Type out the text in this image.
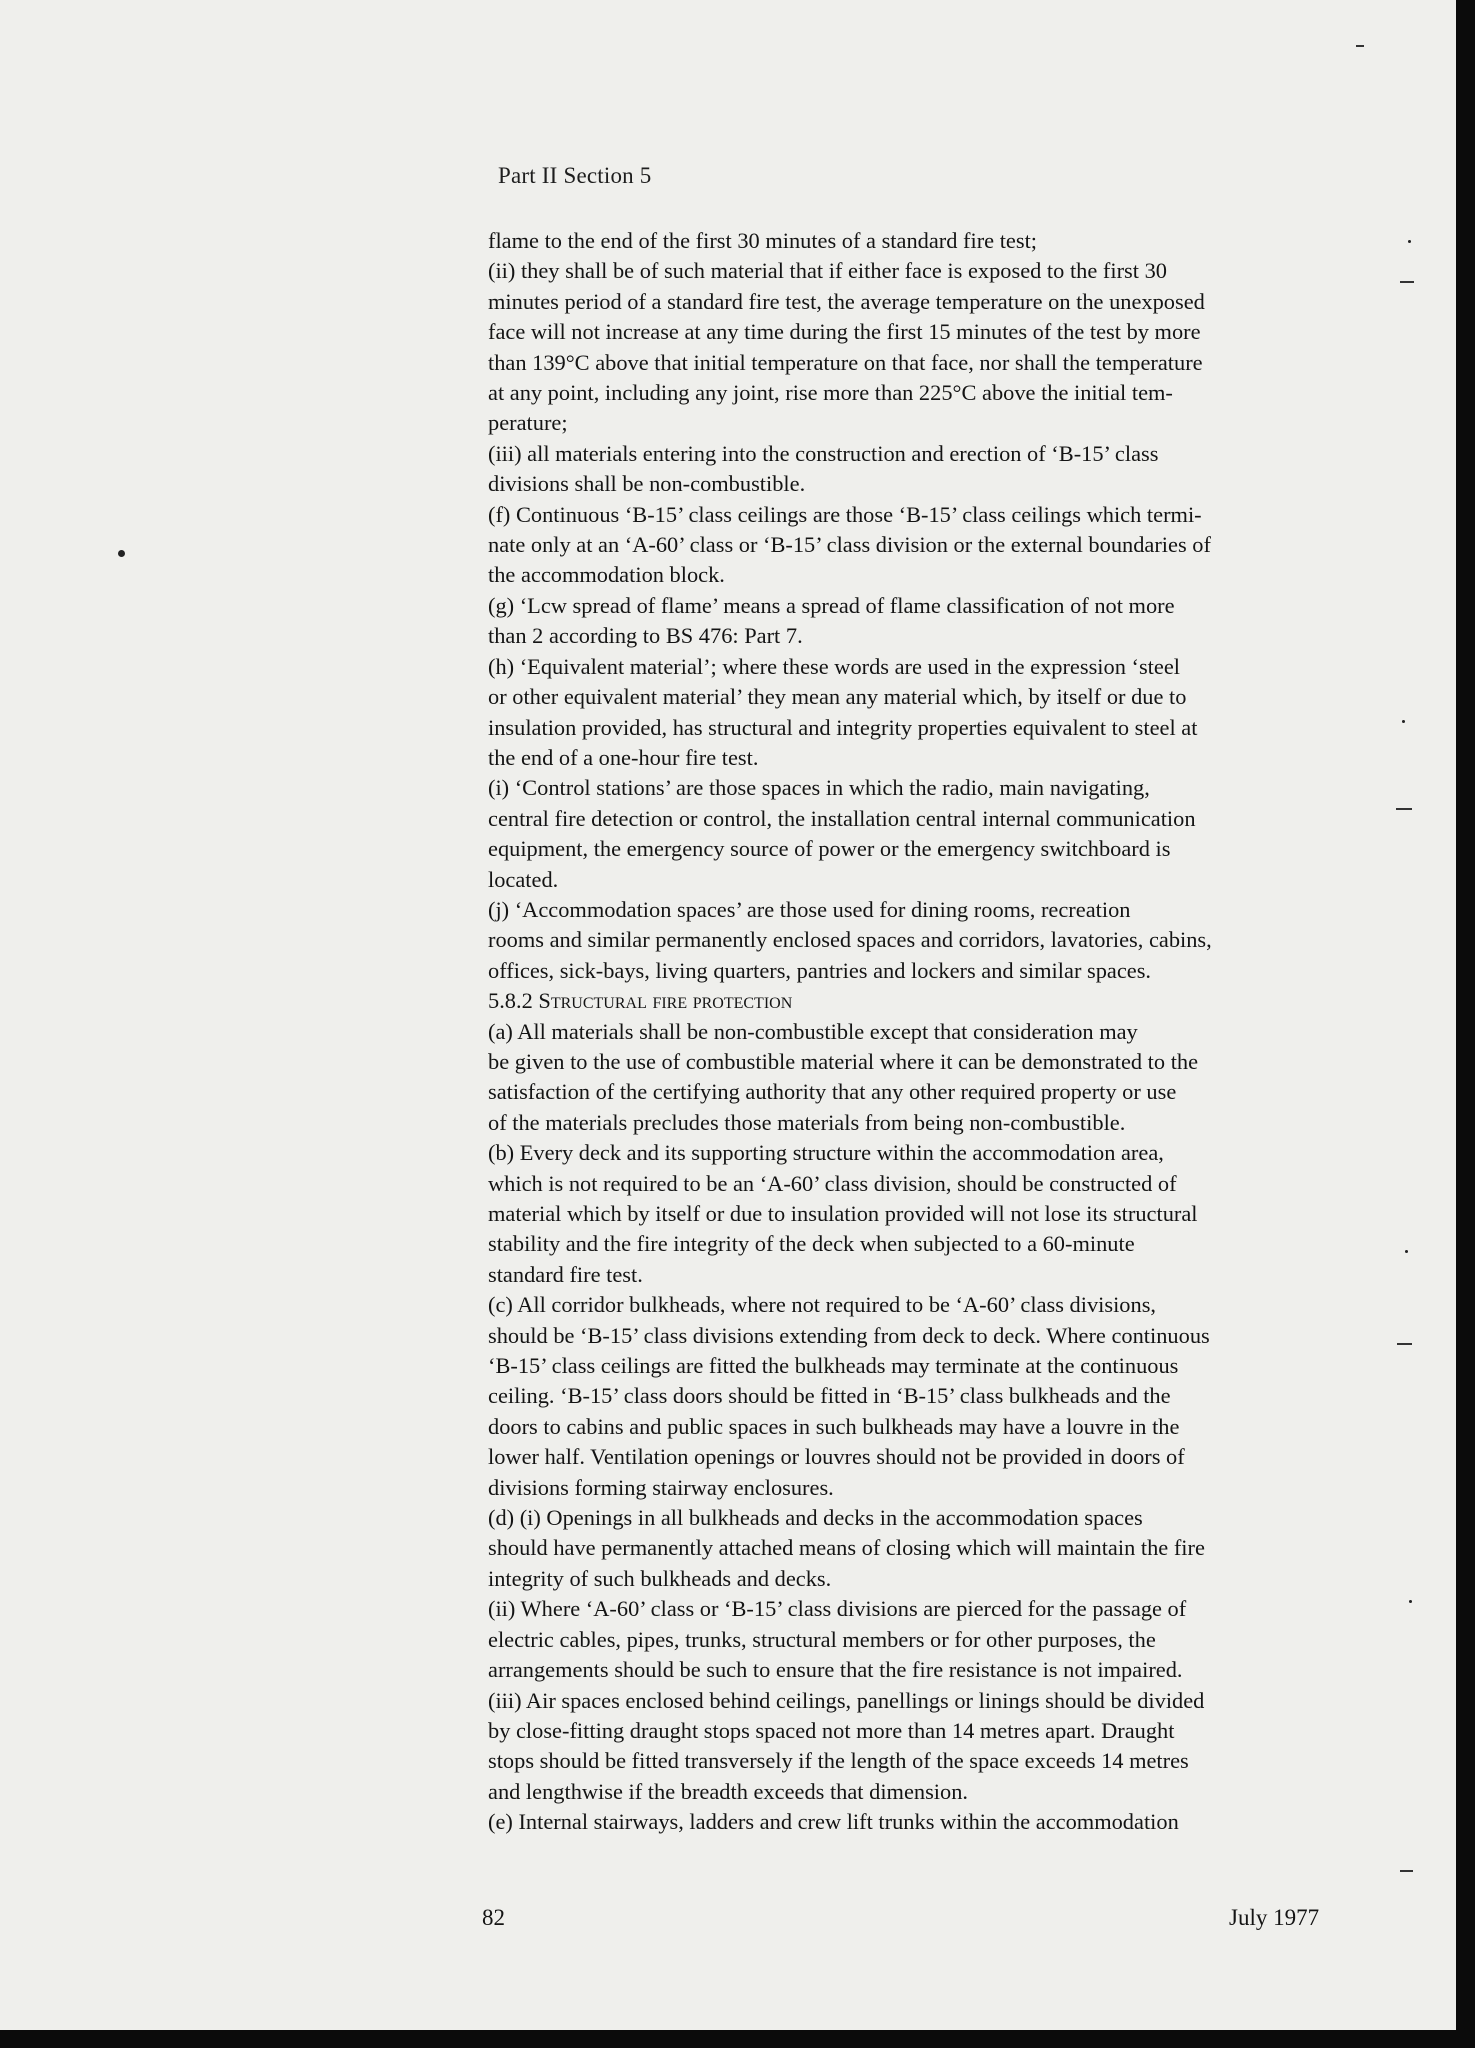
Part II Section 5
flame to the end of the first 30 minutes of a standard fire test;
(ii) they shall be of such material that if either face is exposed to the first 30
minutes period of a standard fire test, the average temperature on the unexposed
face will not increase at any time during the first 15 minutes of the test by more
than 139°C above that initial temperature on that face, nor shall the temperature
at any point, including any joint, rise more than 225°C above the initial tem-
perature;
(iii) all materials entering into the construction and erection of ‘B-15’ class
divisions shall be non-combustible.
(f) Continuous ‘B-15’ class ceilings are those ‘B-15’ class ceilings which termi-
nate only at an ‘A-60’ class or ‘B-15’ class division or the external boundaries of
the accommodation block.
(g) ‘Lcw spread of flame’ means a spread of flame classification of not more
than 2 according to BS 476: Part 7.
(h) ‘Equivalent material’; where these words are used in the expression ‘steel
or other equivalent material’ they mean any material which, by itself or due to
insulation provided, has structural and integrity properties equivalent to steel at
the end of a one-hour fire test.
(i) ‘Control stations’ are those spaces in which the radio, main navigating,
central fire detection or control, the installation central internal communication
equipment, the emergency source of power or the emergency switchboard is
located.
(j) ‘Accommodation spaces’ are those used for dining rooms, recreation
rooms and similar permanently enclosed spaces and corridors, lavatories, cabins,
offices, sick-bays, living quarters, pantries and lockers and similar spaces.
5.8.2 Structural fire protection
(a) All materials shall be non-combustible except that consideration may
be given to the use of combustible material where it can be demonstrated to the
satisfaction of the certifying authority that any other required property or use
of the materials precludes those materials from being non-combustible.
(b) Every deck and its supporting structure within the accommodation area,
which is not required to be an ‘A-60’ class division, should be constructed of
material which by itself or due to insulation provided will not lose its structural
stability and the fire integrity of the deck when subjected to a 60-minute
standard fire test.
(c) All corridor bulkheads, where not required to be ‘A-60’ class divisions,
should be ‘B-15’ class divisions extending from deck to deck. Where continuous
‘B-15’ class ceilings are fitted the bulkheads may terminate at the continuous
ceiling. ‘B-15’ class doors should be fitted in ‘B-15’ class bulkheads and the
doors to cabins and public spaces in such bulkheads may have a louvre in the
lower half. Ventilation openings or louvres should not be provided in doors of
divisions forming stairway enclosures.
(d) (i) Openings in all bulkheads and decks in the accommodation spaces
should have permanently attached means of closing which will maintain the fire
integrity of such bulkheads and decks.
(ii) Where ‘A-60’ class or ‘B-15’ class divisions are pierced for the passage of
electric cables, pipes, trunks, structural members or for other purposes, the
arrangements should be such to ensure that the fire resistance is not impaired.
(iii) Air spaces enclosed behind ceilings, panellings or linings should be divided
by close-fitting draught stops spaced not more than 14 metres apart. Draught
stops should be fitted transversely if the length of the space exceeds 14 metres
and lengthwise if the breadth exceeds that dimension.
(e) Internal stairways, ladders and crew lift trunks within the accommodation
82	July 1977
